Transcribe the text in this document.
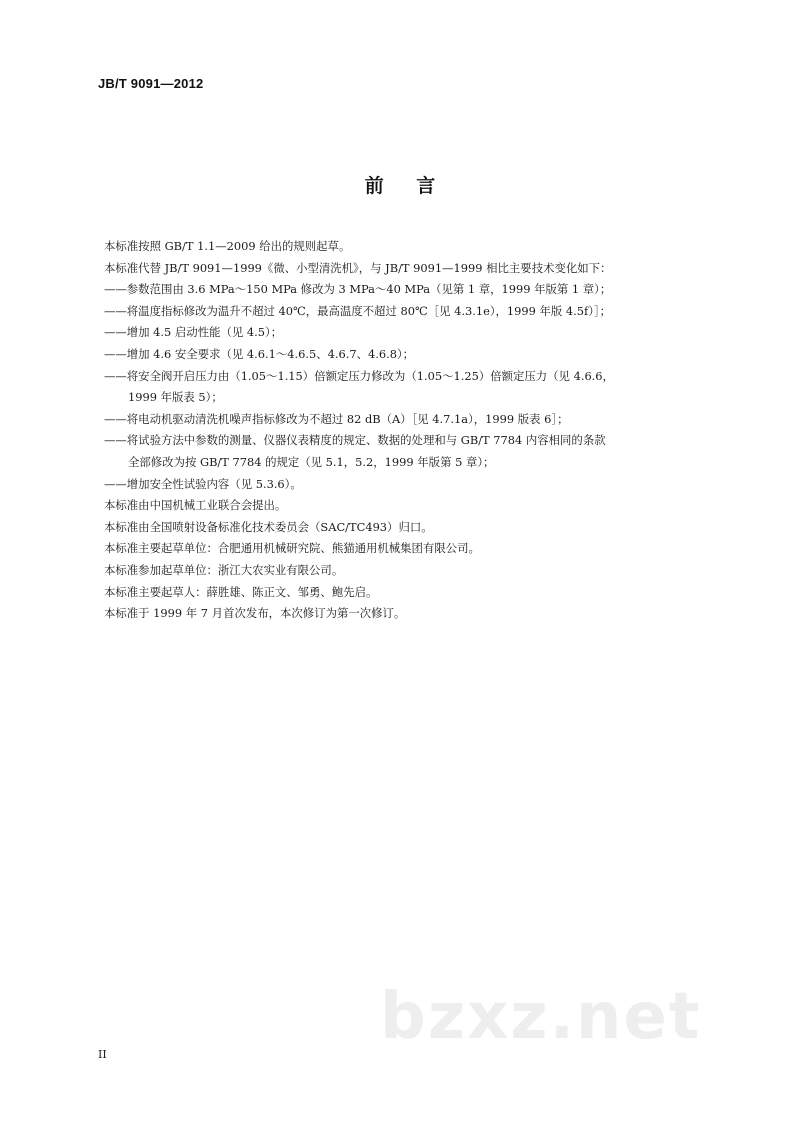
JB/T 9091—2012
前 言

本标准按照 GB/T 1.1—2009 给出的规则起草。

本标准代替 JB/T 9091—1999《微、小型清洗机》，与 JB/T 9091—1999 相比主要技术变化如下：

——参数范围由 3.6 MPa～150 MPa 修改为 3 MPa～40 MPa（见第 1 章，1999 年版第 1 章）；

——将温度指标修改为温升不超过 40℃，最高温度不超过 80℃［见 4.3.1e），1999 年版 4.5f）］；

——增加 4.5 启动性能（见 4.5）；

——增加 4.6 安全要求（见 4.6.1～4.6.5、4.6.7、4.6.8）；

——将安全阀开启压力由（1.05～1.15）倍额定压力修改为（1.05～1.25）倍额定压力（见 4.6.6，

1999 年版表 5）；

——将电动机驱动清洗机噪声指标修改为不超过 82 dB（A）［见 4.7.1a），1999 版表 6］；

——将试验方法中参数的测量、仪器仪表精度的规定、数据的处理和与 GB/T 7784 内容相同的条款

全部修改为按 GB/T 7784 的规定（见 5.1，5.2，1999 年版第 5 章）；

——增加安全性试验内容（见 5.3.6）。

本标准由中国机械工业联合会提出。

本标准由全国喷射设备标准化技术委员会（SAC/TC493）归口。

本标准主要起草单位：合肥通用机械研究院、熊猫通用机械集团有限公司。

本标准参加起草单位：浙江大农实业有限公司。

本标准主要起草人：薛胜雄、陈正文、邹勇、鲍先启。

本标准于 1999 年 7 月首次发布，本次修订为第一次修订。

bzxz.net
II
